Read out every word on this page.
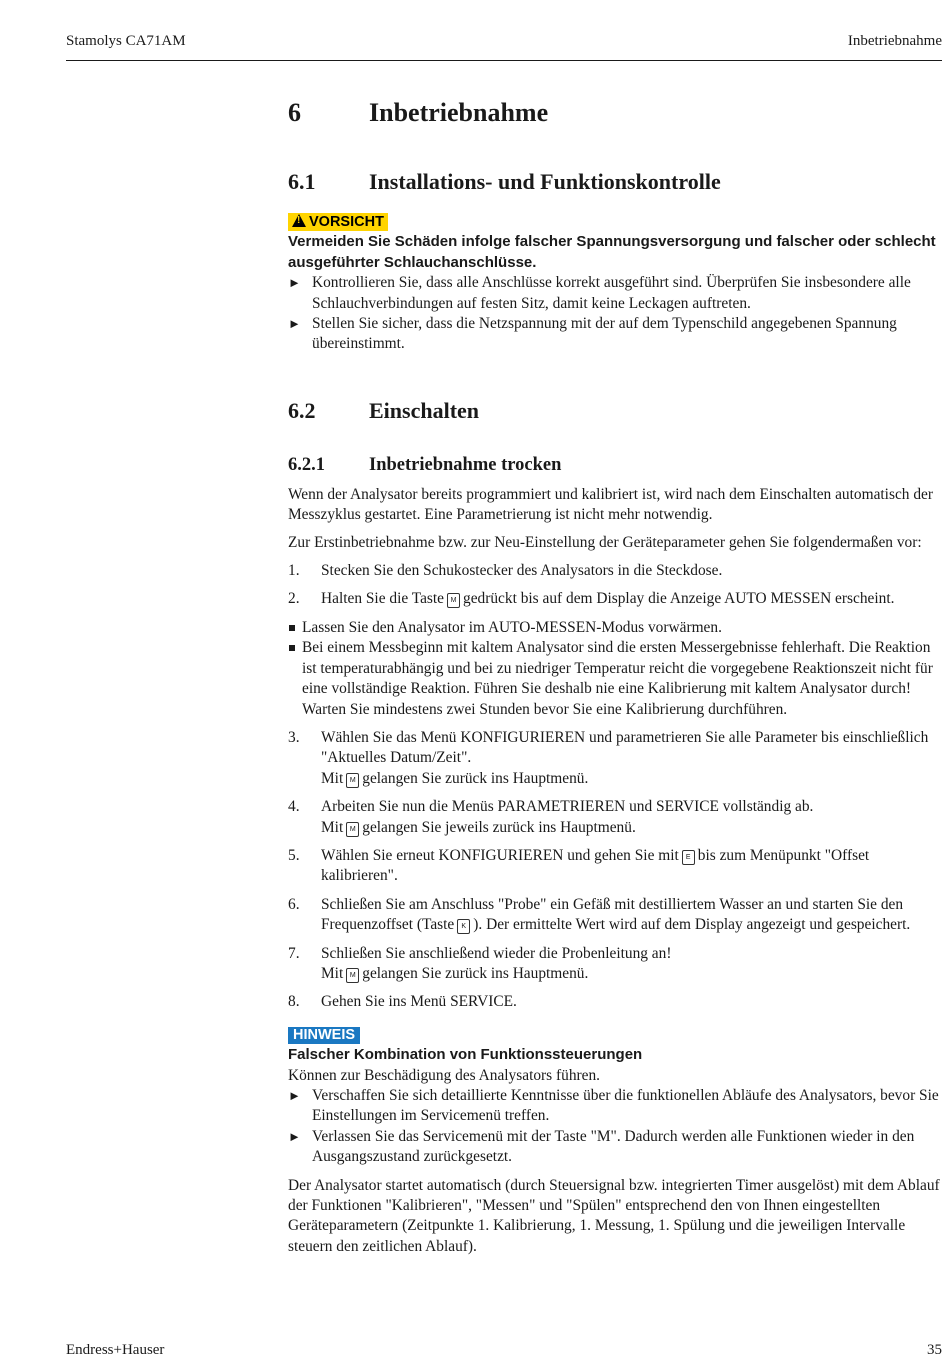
Stamolys CA71AM	Inbetriebnahme
6	Inbetriebnahme
6.1 Installations- und Funktionskontrolle
!VORSICHT
Vermeiden Sie Schäden infolge falscher Spannungsversorgung und falscher oder schlecht ausgeführter Schlauchanschlüsse.
► Kontrollieren Sie, dass alle Anschlüsse korrekt ausgeführt sind. Überprüfen Sie insbesondere alle Schlauchverbindungen auf festen Sitz, damit keine Leckagen auftreten.
► Stellen Sie sicher, dass die Netzspannung mit der auf dem Typenschild angegebenen Spannung übereinstimmt.
6.2 Einschalten
6.2.1 Inbetriebnahme trocken

Wenn der Analysator bereits programmiert und kalibriert ist, wird nach dem Einschalten automatisch der Messzyklus gestartet. Eine Parametrierung ist nicht mehr notwendig.

Zur Erstinbetriebnahme bzw. zur Neu-Einstellung der Geräteparameter gehen Sie folgendermaßen vor:

1. Stecken Sie den Schukostecker des Analysators in die Steckdose.
2. Halten Sie die Taste M gedrückt bis auf dem Display die Anzeige AUTO MESSEN erscheint.
Lassen Sie den Analysator im AUTO-MESSEN-Modus vorwärmen.
Bei einem Messbeginn mit kaltem Analysator sind die ersten Messergebnisse fehlerhaft. Die Reaktion ist temperaturabhängig und bei zu niedriger Temperatur reicht die vorgegebene Reaktionszeit nicht für eine vollständige Reaktion. Führen Sie deshalb nie eine Kalibrierung mit kaltem Analysator durch! Warten Sie mindestens zwei Stunden bevor Sie eine Kalibrierung durchführen.
3. Wählen Sie das Menü KONFIGURIEREN und parametrieren Sie alle Parameter bis einschließlich "Aktuelles Datum/Zeit".
Mit M gelangen Sie zurück ins Hauptmenü.
4. Arbeiten Sie nun die Menüs PARAMETRIEREN und SERVICE vollständig ab.
Mit M gelangen Sie jeweils zurück ins Hauptmenü.
5. Wählen Sie erneut KONFIGURIEREN und gehen Sie mit E bis zum Menüpunkt "Offset kalibrieren".
6. Schließen Sie am Anschluss "Probe" ein Gefäß mit destilliertem Wasser an und starten Sie den Frequenzoffset (Taste K ). Der ermittelte Wert wird auf dem Display angezeigt und gespeichert.
7. Schließen Sie anschließend wieder die Probenleitung an!
Mit M gelangen Sie zurück ins Hauptmenü.
8. Gehen Sie ins Menü SERVICE.
HINWEIS
Falscher Kombination von Funktionssteuerungen
Können zur Beschädigung des Analysators führen.
► Verschaffen Sie sich detaillierte Kenntnisse über die funktionellen Abläufe des Analysators, bevor Sie Einstellungen im Servicemenü treffen.
► Verlassen Sie das Servicemenü mit der Taste "M". Dadurch werden alle Funktionen wieder in den Ausgangszustand zurückgesetzt.

Der Analysator startet automatisch (durch Steuersignal bzw. integrierten Timer ausgelöst) mit dem Ablauf der Funktionen "Kalibrieren", "Messen" und "Spülen" entsprechend den von Ihnen eingestellten Geräteparametern (Zeitpunkte 1. Kalibrierung, 1. Messung, 1. Spülung und die jeweiligen Intervalle steuern den zeitlichen Ablauf).

Endress+Hauser	35
